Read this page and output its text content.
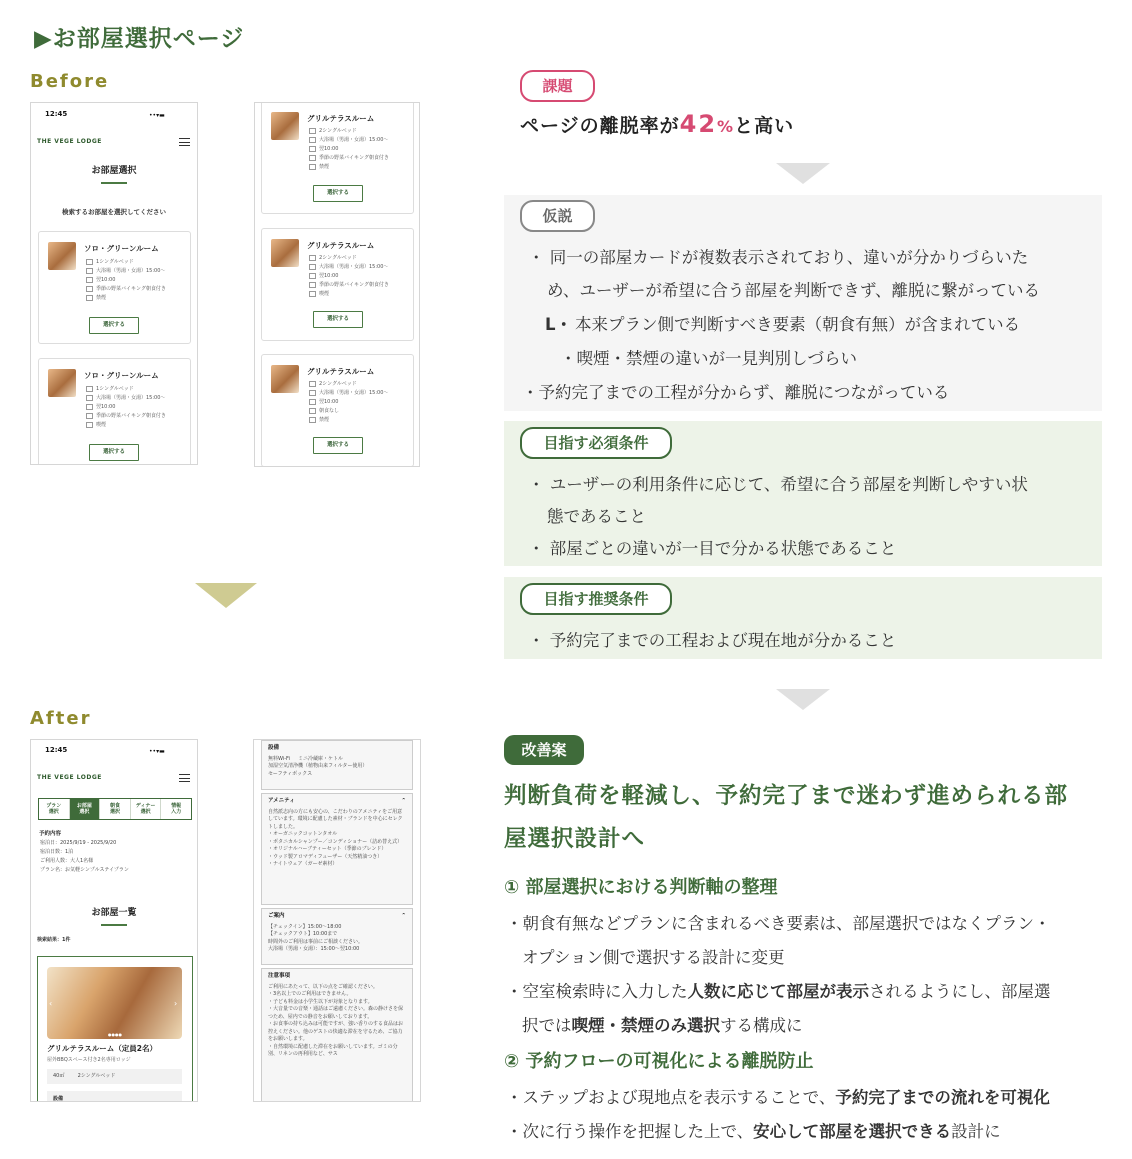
▶お部屋選択ページ
Before
12:45	••▾▬
THE VEGE LODGE
お部屋選択
検索するお部屋を選択してください
ソロ・グリーンルーム
1シングルベッド
大浴場（男湯・女湯）15:00〜
翌10:00
季節の野菜バイキング朝食付き
禁煙
選択する
ソロ・グリーンルーム
1シングルベッド
大浴場（男湯・女湯）15:00〜
翌10:00
季節の野菜バイキング朝食付き
喫煙
選択する
グリルテラスルーム
2シングルベッド
大浴場（男湯・女湯）15:00〜
翌10:00
季節の野菜バイキング朝食付き
禁煙
選択する
グリルテラスルーム
2シングルベッド
大浴場（男湯・女湯）15:00〜
翌10:00
季節の野菜バイキング朝食付き
喫煙
選択する
グリルテラスルーム
2シングルベッド
大浴場（男湯・女湯）15:00〜
翌10:00
朝食なし
禁煙
選択する
After
12:45	••▾▬
THE VEGE LODGE
プラン
選択
お部屋
選択
朝食
選択
ディナー
選択
情報
入力
予約内容
宿泊日：2025/9/19 - 2025/9/20
宿泊日数：1泊
ご利用人数：大人1名様
プラン名：お気軽シンプルステイプラン
お部屋一覧
検索結果：1件
‹	›
●●●●
グリルテラスルーム（定員2名）
屋外BBQスペース付き2名専用ロッジ
40㎡	2シングルベッド
設備
設備
無料Wi-Fi ミニ冷蔵庫・ケトル
加湿空気清浄機（植物由来フィルター使用）
セーフティボックス
アメニティ	⌃
自然派志向の方にも安心の、こだわりのアメニティをご用意しています。環境に配慮した素材・ブランドを中心にセレクトしました。
・オーガニックコットンタオル
・ボタニカルシャンプー／コンディショナー（詰め替え式）
・オリジナルハーブティーセット（季節のブレンド）
・ウッド製アロマディフューザー（天然精油つき）
・ナイトウェア（ガーゼ素材）
ご案内	⌃
【チェックイン】15:00〜18:00
【チェックアウト】10:00まで
時間外のご利用は事前にご相談ください。
大浴場（男湯・女湯）：15:00〜翌10:00
注意事項
ご利用にあたって、以下の点をご確認ください。
・3名以上でのご利用はできません。
・子ども料金は小学生以下が対象となります。
・大音量での音楽・通話はご遠慮ください。森の静けさを保つため、屋内での静音をお願いしております。
・お食事の持ち込みは可能ですが、強い香りのする食品はお控えください。他のゲストの快適な滞在を守るため、ご協力をお願いします。
・自然環境に配慮した滞在をお願いしています。ゴミの分別、リネンの再利用など、サス
課題
ページの離脱率が42%と高い
仮説
・ 同一の部屋カードが複数表示されており、違いが分かりづらいた
め、ユーザーが希望に合う部屋を判断できず、離脱に繋がっている
L・ 本来プラン側で判断すべき要素（朝食有無）が含まれている
・喫煙・禁煙の違いが一見判別しづらい
・予約完了までの工程が分からず、離脱につながっている
目指す必須条件
・ ユーザーの利用条件に応じて、希望に合う部屋を判断しやすい状
態であること
・ 部屋ごとの違いが一目で分かる状態であること
目指す推奨条件
・ 予約完了までの工程および現在地が分かること
改善案
判断負荷を軽減し、予約完了まで迷わず進められる部
屋選択設計へ
① 部屋選択における判断軸の整理
・朝食有無などプランに含まれるべき要素は、部屋選択ではなくプラン・
オプション側で選択する設計に変更
・空室検索時に入力した人数に応じて部屋が表示されるようにし、部屋選
択では喫煙・禁煙のみ選択する構成に
② 予約フローの可視化による離脱防止
・ステップおよび現地点を表示することで、予約完了までの流れを可視化
・次に行う操作を把握した上で、安心して部屋を選択できる設計に
